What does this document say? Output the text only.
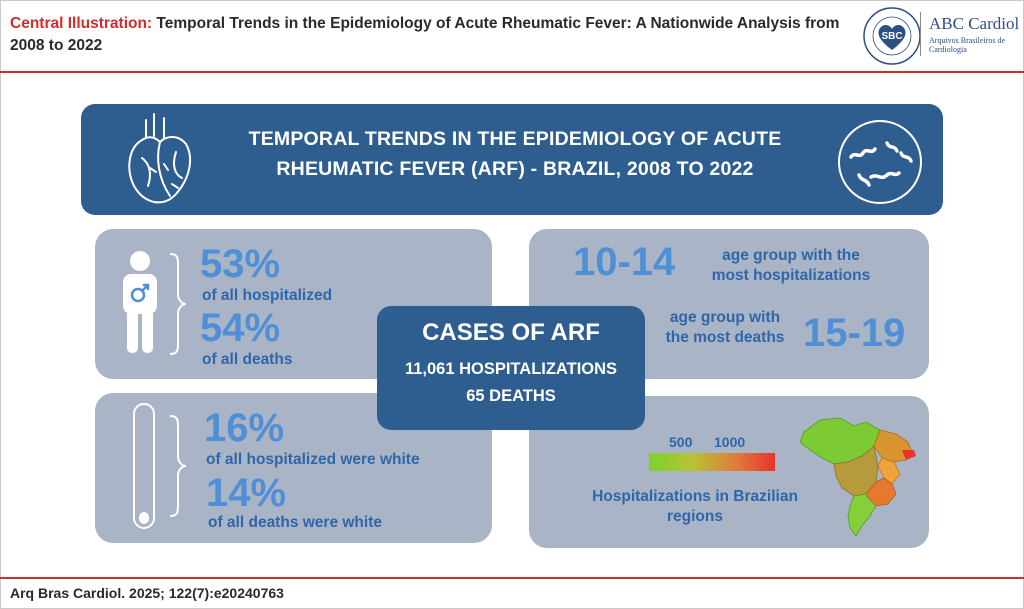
Central Illustration: Temporal Trends in the Epidemiology of Acute Rheumatic Fever: A Nationwide Analysis from 2008 to 2022
SBC
ABC Cardiol
Arquivos Brasileiros de Cardiologia
TEMPORAL TRENDS IN THE EPIDEMIOLOGY OF ACUTE
RHEUMATIC FEVER (ARF) - BRAZIL, 2008 TO 2022
53%
of all hospitalized
54%
of all deaths
16%
of all hospitalized were white
14%
of all deaths were white
10-14	age group with the
most hospitalizations
age group with
the most deaths 15-19
500 1000
Hospitalizations in Brazilian
regions
CASES OF ARF
11,061 HOSPITALIZATIONS
65 DEATHS
Arq Bras Cardiol. 2025; 122(7):e20240763
